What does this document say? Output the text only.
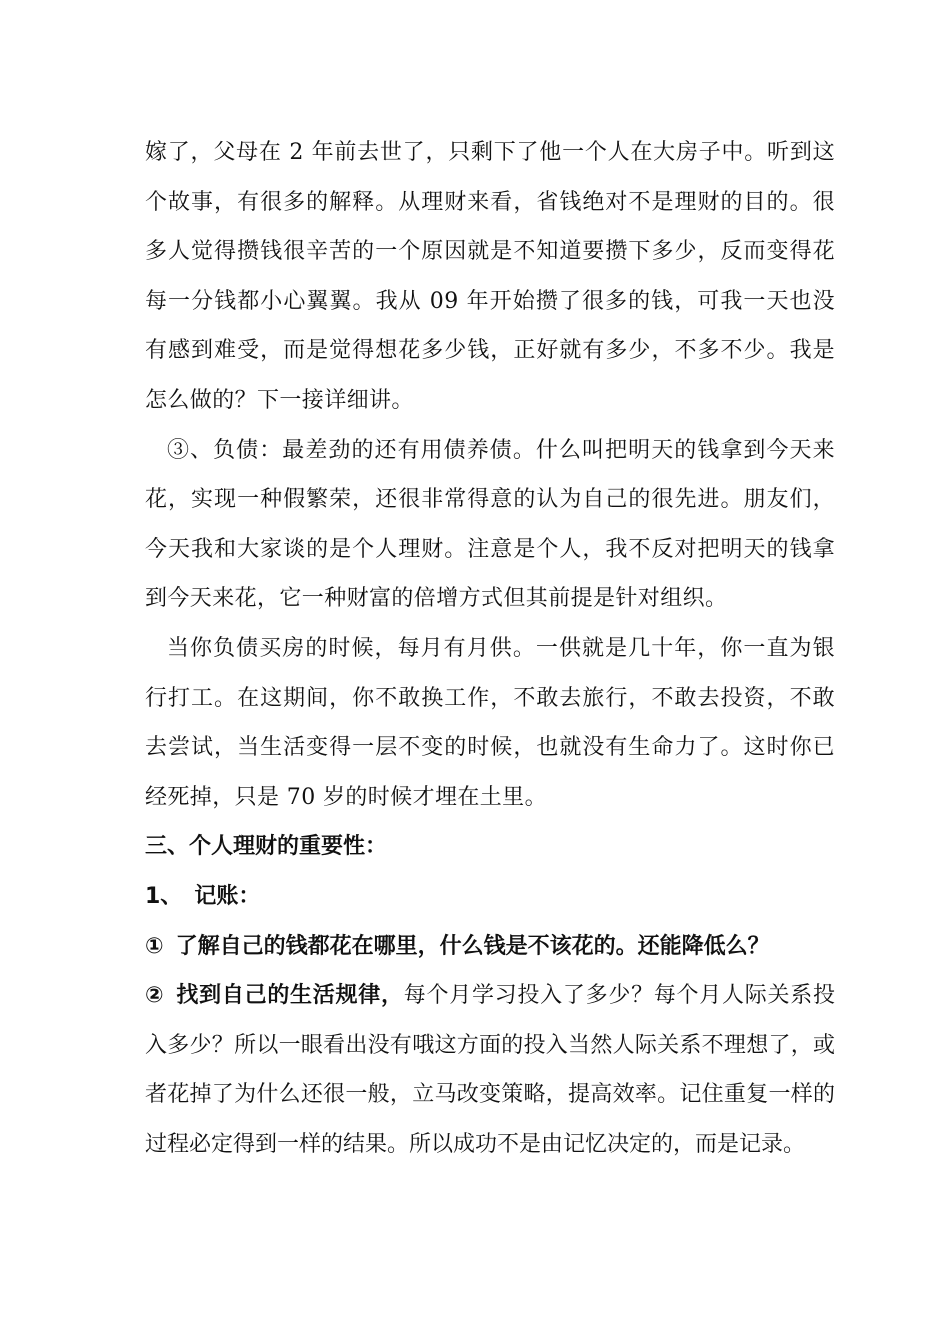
嫁了，父母在 2 年前去世了，只剩下了他一个人在大房子中。听到这个故事，有很多的解释。从理财来看，省钱绝对不是理财的目的。很多人觉得攒钱很辛苦的一个原因就是不知道要攒下多少，反而变得花每一分钱都小心翼翼。我从 09 年开始攒了很多的钱，可我一天也没有感到难受，而是觉得想花多少钱，正好就有多少，不多不少。我是怎么做的？下一接详细讲。

③、负债：最差劲的还有用债养债。什么叫把明天的钱拿到今天来花，实现一种假繁荣，还很非常得意的认为自己的很先进。朋友们，今天我和大家谈的是个人理财。注意是个人，我不反对把明天的钱拿到今天来花，它一种财富的倍增方式但其前提是针对组织。

当你负债买房的时候，每月有月供。一供就是几十年，你一直为银行打工。在这期间，你不敢换工作，不敢去旅行，不敢去投资，不敢去尝试，当生活变得一层不变的时候，也就没有生命力了。这时你已经死掉，只是 70 岁的时候才埋在土里。

三、个人理财的重要性：

1、 记账：

① 了解自己的钱都花在哪里，什么钱是不该花的。还能降低么？

② 找到自己的生活规律，每个月学习投入了多少？每个月人际关系投入多少？所以一眼看出没有哦这方面的投入当然人际关系不理想了，或者花掉了为什么还很一般，立马改变策略，提高效率。记住重复一样的过程必定得到一样的结果。所以成功不是由记忆决定的，而是记录。
